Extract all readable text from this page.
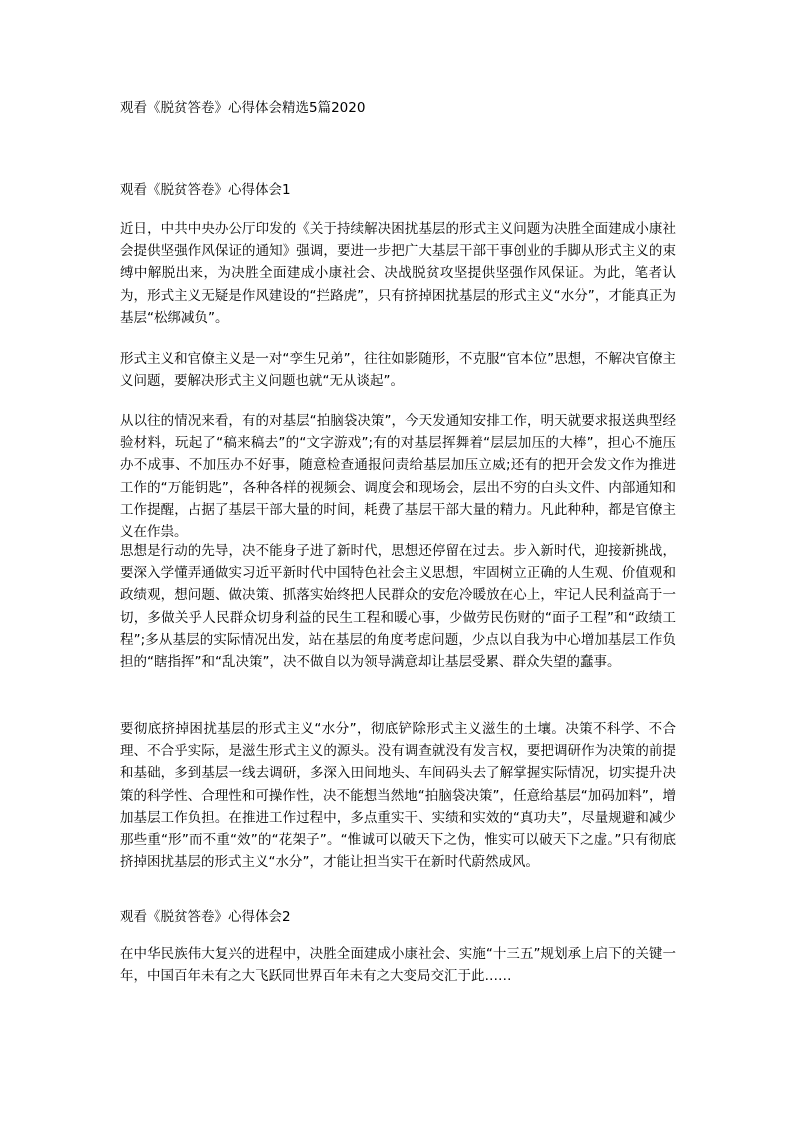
观看《脱贫答卷》心得体会精选5篇2020
观看《脱贫答卷》心得体会1

近日，中共中央办公厅印发的《关于持续解决困扰基层的形式主义问题为决胜全面建成小康社会提供坚强作风保证的通知》强调，要进一步把广大基层干部干事创业的手脚从形式主义的束缚中解脱出来，为决胜全面建成小康社会、决战脱贫攻坚提供坚强作风保证。为此，笔者认为，形式主义无疑是作风建设的“拦路虎”，只有挤掉困扰基层的形式主义“水分”，才能真正为基层“松绑减负”。

形式主义和官僚主义是一对“孪生兄弟”，往往如影随形，不克服“官本位”思想，不解决官僚主义问题，要解决形式主义问题也就“无从谈起”。

从以往的情况来看，有的对基层“拍脑袋决策”，今天发通知安排工作，明天就要求报送典型经验材料，玩起了“稿来稿去”的“文字游戏”;有的对基层挥舞着“层层加压的大棒”，担心不施压办不成事、不加压办不好事，随意检查通报问责给基层加压立威;还有的把开会发文作为推进工作的“万能钥匙”，各种各样的视频会、调度会和现场会，层出不穷的白头文件、内部通知和工作提醒，占据了基层干部大量的时间，耗费了基层干部大量的精力。凡此种种，都是官僚主义在作祟。

思想是行动的先导，决不能身子进了新时代，思想还停留在过去。步入新时代，迎接新挑战，要深入学懂弄通做实习近平新时代中国特色社会主义思想，牢固树立正确的人生观、价值观和政绩观，想问题、做决策、抓落实始终把人民群众的安危冷暖放在心上，牢记人民利益高于一切，多做关乎人民群众切身利益的民生工程和暖心事，少做劳民伤财的“面子工程”和“政绩工程”;多从基层的实际情况出发，站在基层的角度考虑问题，少点以自我为中心增加基层工作负担的“瞎指挥”和“乱决策”，决不做自以为领导满意却让基层受累、群众失望的蠢事。

要彻底挤掉困扰基层的形式主义“水分”，彻底铲除形式主义滋生的土壤。决策不科学、不合理、不合乎实际，是滋生形式主义的源头。没有调查就没有发言权，要把调研作为决策的前提和基础，多到基层一线去调研，多深入田间地头、车间码头去了解掌握实际情况，切实提升决策的科学性、合理性和可操作性，决不能想当然地“拍脑袋决策”，任意给基层“加码加料”，增加基层工作负担。在推进工作过程中，多点重实干、实绩和实效的“真功夫”，尽量规避和减少那些重“形”而不重“效”的“花架子”。“惟诚可以破天下之伪，惟实可以破天下之虚。”只有彻底挤掉困扰基层的形式主义“水分”，才能让担当实干在新时代蔚然成风。

观看《脱贫答卷》心得体会2

在中华民族伟大复兴的进程中，决胜全面建成小康社会、实施“十三五”规划承上启下的关键一年，中国百年未有之大飞跃同世界百年未有之大变局交汇于此……
